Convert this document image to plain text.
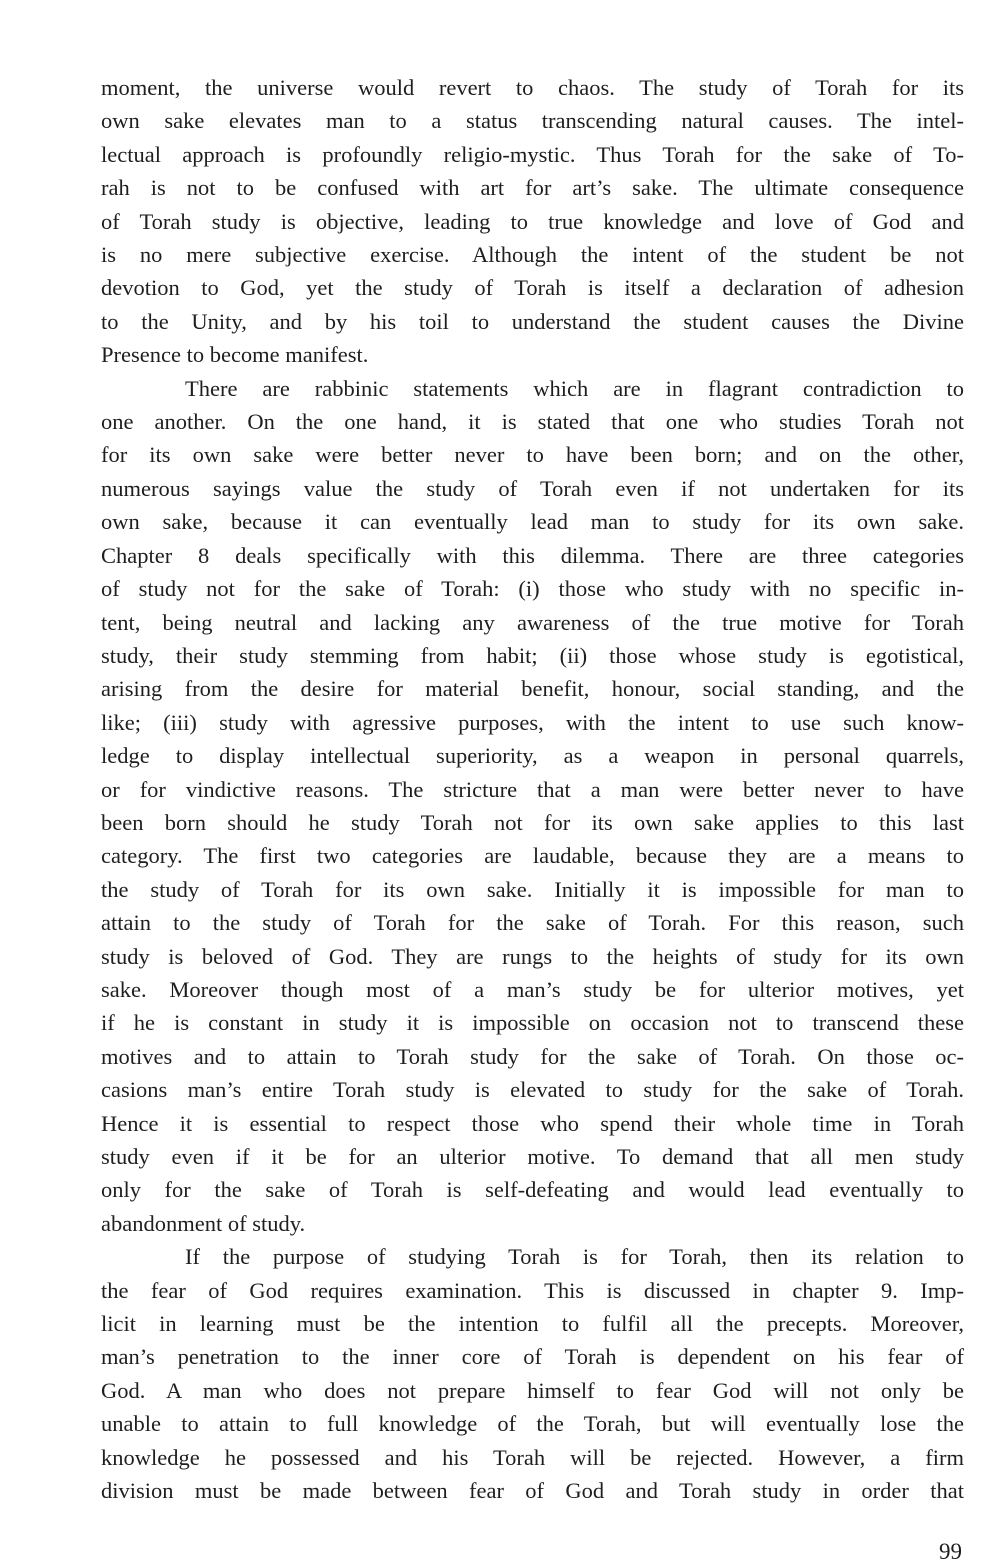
moment, the universe would revert to chaos. The study of Torah for its
own sake elevates man to a status transcending natural causes. The intel-
lectual approach is profoundly religio-mystic. Thus Torah for the sake of To-
rah is not to be confused with art for art’s sake. The ultimate consequence
of Torah study is objective, leading to true knowledge and love of God and
is no mere subjective exercise. Although the intent of the student be not
devotion to God, yet the study of Torah is itself a declaration of adhesion
to the Unity, and by his toil to understand the student causes the Divine
Presence to become manifest.
There are rabbinic statements which are in flagrant contradiction to
one another. On the one hand, it is stated that one who studies Torah not
for its own sake were better never to have been born; and on the other,
numerous sayings value the study of Torah even if not undertaken for its
own sake, because it can eventually lead man to study for its own sake.
Chapter 8 deals specifically with this dilemma. There are three categories
of study not for the sake of Torah: (i) those who study with no specific in-
tent, being neutral and lacking any awareness of the true motive for Torah
study, their study stemming from habit; (ii) those whose study is egotistical,
arising from the desire for material benefit, honour, social standing, and the
like; (iii) study with agressive purposes, with the intent to use such know-
ledge to display intellectual superiority, as a weapon in personal quarrels,
or for vindictive reasons. The stricture that a man were better never to have
been born should he study Torah not for its own sake applies to this last
category. The first two categories are laudable, because they are a means to
the study of Torah for its own sake. Initially it is impossible for man to
attain to the study of Torah for the sake of Torah. For this reason, such
study is beloved of God. They are rungs to the heights of study for its own
sake. Moreover though most of a man’s study be for ulterior motives, yet
if he is constant in study it is impossible on occasion not to transcend these
motives and to attain to Torah study for the sake of Torah. On those oc-
casions man’s entire Torah study is elevated to study for the sake of Torah.
Hence it is essential to respect those who spend their whole time in Torah
study even if it be for an ulterior motive. To demand that all men study
only for the sake of Torah is self-defeating and would lead eventually to
abandonment of study.
If the purpose of studying Torah is for Torah, then its relation to
the fear of God requires examination. This is discussed in chapter 9. Imp-
licit in learning must be the intention to fulfil all the precepts. Moreover,
man’s penetration to the inner core of Torah is dependent on his fear of
God. A man who does not prepare himself to fear God will not only be
unable to attain to full knowledge of the Torah, but will eventually lose the
knowledge he possessed and his Torah will be rejected. However, a firm
division must be made between fear of God and Torah study in order that
99
